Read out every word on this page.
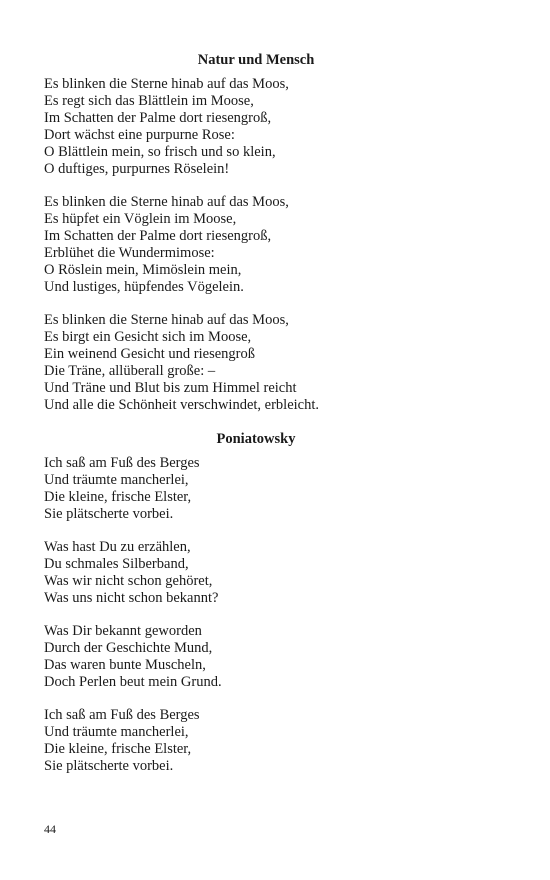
Natur und Mensch
Es blinken die Sterne hinab auf das Moos,
Es regt sich das Blättlein im Moose,
Im Schatten der Palme dort riesengroß,
Dort wächst eine purpurne Rose:
O Blättlein mein, so frisch und so klein,
O duftiges, purpurnes Röselein!
Es blinken die Sterne hinab auf das Moos,
Es hüpfet ein Vöglein im Moose,
Im Schatten der Palme dort riesengroß,
Erblühet die Wundermimose:
O Röslein mein, Mimöslein mein,
Und lustiges, hüpfendes Vögelein.
Es blinken die Sterne hinab auf das Moos,
Es birgt ein Gesicht sich im Moose,
Ein weinend Gesicht und riesengroß
Die Träne, allüberall große: –
Und Träne und Blut bis zum Himmel reicht
Und alle die Schönheit verschwindet, erbleicht.
Poniatowsky
Ich saß am Fuß des Berges
Und träumte mancherlei,
Die kleine, frische Elster,
Sie plätscherte vorbei.
Was hast Du zu erzählen,
Du schmales Silberband,
Was wir nicht schon gehöret,
Was uns nicht schon bekannt?
Was Dir bekannt geworden
Durch der Geschichte Mund,
Das waren bunte Muscheln,
Doch Perlen beut mein Grund.
Ich saß am Fuß des Berges
Und träumte mancherlei,
Die kleine, frische Elster,
Sie plätscherte vorbei.
44
